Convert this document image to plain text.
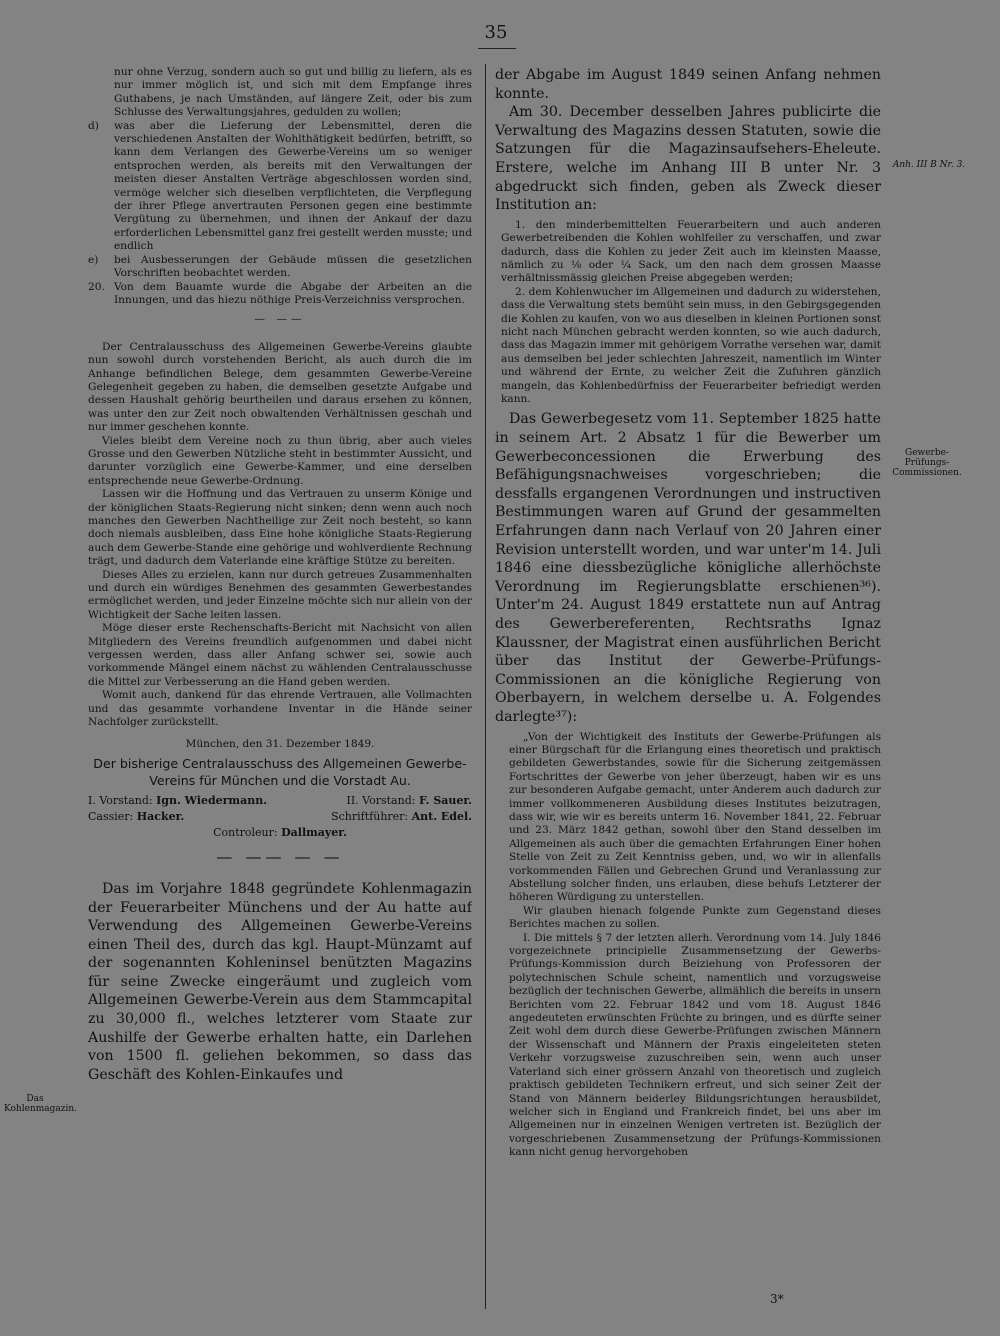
35

nur ohne Verzug, sondern auch so gut und billig zu liefern, als es nur immer möglich ist, und sich mit dem Empfange ihres Guthabens, je nach Umständen, auf längere Zeit, oder bis zum Schlusse des Verwaltungsjahres, gedulden zu wollen;

d)	was aber die Lieferung der Lebensmittel, deren die verschiedenen Anstalten der Wohlthätigkeit bedürfen, betrifft, so kann dem Verlangen des Gewerbe-Vereins um so weniger entsprochen werden, als bereits mit den Verwaltungen der meisten dieser Anstalten Verträge abgeschlossen worden sind, vermöge welcher sich dieselben verpflichteten, die Verpflegung der ihrer Pflege anvertrauten Personen gegen eine bestimmte Vergütung zu übernehmen, und ihnen der Ankauf der dazu erforderlichen Lebensmittel ganz frei gestellt werden musste; und endlich
e)	bei Ausbesserungen der Gebäude müssen die gesetzlichen Vorschriften beobachtet werden.
20. Von dem Bauamte wurde die Abgabe der Arbeiten an die Innungen, und das hiezu nöthige Preis-Verzeichniss versprochen.
— ——

Der Centralausschuss des Allgemeinen Gewerbe-Vereins glaubte nun sowohl durch vorstehenden Bericht, als auch durch die im Anhange befindlichen Belege, dem gesammten Gewerbe-Vereine Gelegenheit gegeben zu haben, die demselben gesetzte Aufgabe und dessen Haushalt gehörig beurtheilen und daraus ersehen zu können, was unter den zur Zeit noch obwaltenden Verhältnissen geschah und nur immer geschehen konnte.

Vieles bleibt dem Vereine noch zu thun übrig, aber auch vieles Grosse und den Gewerben Nützliche steht in bestimmter Aussicht, und darunter vorzüglich eine Gewerbe-Kammer, und eine derselben entsprechende neue Gewerbe-Ordnung.

Lassen wir die Hoffnung und das Vertrauen zu unserm Könige und der königlichen Staats-Regierung nicht sinken; denn wenn auch noch manches den Gewerben Nachtheilige zur Zeit noch besteht, so kann doch niemals ausbleiben, dass Eine hohe königliche Staats-Regierung auch dem Gewerbe-Stande eine gehörige und wohlverdiente Rechnung trägt, und dadurch dem Vaterlande eine kräftige Stütze zu bereiten.

Dieses Alles zu erzielen, kann nur durch getreues Zusammenhalten und durch ein würdiges Benehmen des gesammten Gewerbestandes ermöglichet werden, und jeder Einzelne möchte sich nur allein von der Wichtigkeit der Sache leiten lassen.

Möge dieser erste Rechenschafts-Bericht mit Nachsicht von allen Mitgliedern des Vereins freundlich aufgenommen und dabei nicht vergessen werden, dass aller Anfang schwer sei, sowie auch vorkommende Mängel einem nächst zu wählenden Centralausschusse die Mittel zur Verbesserung an die Hand geben werden.

Womit auch, dankend für das ehrende Vertrauen, alle Vollmachten und das gesammte vorhandene Inventar in die Hände seiner Nachfolger zurückstellt.

München, den 31. Dezember 1849.
Der bisherige Centralausschuss des Allgemeinen Gewerbe-Vereins für München und die Vorstadt Au.
I. Vorstand: Ign. Wiedermann.	II. Vorstand: F. Sauer.
Cassier: Hacker.	Schriftführer: Ant. Edel.
Controleur: Dallmayer.
— —— — —

Das im Vorjahre 1848 gegründete Kohlenmagazin der Feuerarbeiter Münchens und der Au hatte auf Verwendung des Allgemeinen Gewerbe-Vereins einen Theil des, durch das kgl. Haupt-Münzamt auf der sogenannten Kohleninsel benützten Magazins für seine Zwecke eingeräumt und zugleich vom Allgemeinen Gewerbe-Verein aus dem Stammcapital zu 30,000 fl., welches letzterer vom Staate zur Aushilfe der Gewerbe erhalten hatte, ein Darlehen von 1500 fl. geliehen bekommen, so dass das Geschäft des Kohlen-Einkaufes und

Das Kohlenmagazin.

der Abgabe im August 1849 seinen Anfang nehmen konnte.

Am 30. December desselben Jahres publicirte die Verwaltung des Magazins dessen Statuten, sowie die Satzungen für die Magazinsaufsehers-Eheleute. Erstere, welche im Anhang III B unter Nr. 3 abgedruckt sich finden, geben als Zweck dieser Institution an:

1. den minderbemittelten Feuerarbeitern und auch anderen Gewerbetreibenden die Kohlen wohlfeiler zu verschaffen, und zwar dadurch, dass die Kohlen zu jeder Zeit auch im kleinsten Maasse, nämlich zu ⅛ oder ¼ Sack, um den nach dem grossen Maasse verhältnissmässig gleichen Preise abgegeben werden;

2. dem Kohlenwucher im Allgemeinen und dadurch zu widerstehen, dass die Verwaltung stets bemüht sein muss, in den Gebirgsgegenden die Kohlen zu kaufen, von wo aus dieselben in kleinen Portionen sonst nicht nach München gebracht werden konnten, so wie auch dadurch, dass das Magazin immer mit gehörigem Vorrathe versehen war, damit aus demselben bei jeder schlechten Jahreszeit, namentlich im Winter und während der Ernte, zu welcher Zeit die Zufuhren gänzlich mangeln, das Kohlenbedürfniss der Feuerarbeiter befriedigt werden kann.

Das Gewerbegesetz vom 11. September 1825 hatte in seinem Art. 2 Absatz 1 für die Bewerber um Gewerbeconcessionen die Erwerbung des Befähigungsnachweises vorgeschrieben; die dessfalls ergangenen Verordnungen und instructiven Bestimmungen waren auf Grund der gesammelten Erfahrungen dann nach Verlauf von 20 Jahren einer Revision unterstellt worden, und war unter'm 14. Juli 1846 eine diessbezügliche königliche allerhöchste Verordnung im Regierungsblatte erschienen³⁶). Unter'm 24. August 1849 erstattete nun auf Antrag des Gewerbereferenten, Rechtsraths Ignaz Klaussner, der Magistrat einen ausführlichen Bericht über das Institut der Gewerbe-Prüfungs-Commissionen an die königliche Regierung von Oberbayern, in welchem derselbe u. A. Folgendes darlegte³⁷):

„Von der Wichtigkeit des Instituts der Gewerbe-Prüfungen als einer Bürgschaft für die Erlangung eines theoretisch und praktisch gebildeten Gewerbstandes, sowie für die Sicherung zeitgemässen Fortschrittes der Gewerbe von jeher überzeugt, haben wir es uns zur besonderen Aufgabe gemacht, unter Anderem auch dadurch zur immer vollkommeneren Ausbildung dieses Institutes beizutragen, dass wir, wie wir es bereits unterm 16. November 1841, 22. Februar und 23. März 1842 gethan, sowohl über den Stand desselben im Allgemeinen als auch über die gemachten Erfahrungen Einer hohen Stelle von Zeit zu Zeit Kenntniss geben, und, wo wir in allenfalls vorkommenden Fällen und Gebrechen Grund und Veranlassung zur Abstellung solcher finden, uns erlauben, diese behufs Letzterer der höheren Würdigung zu unterstellen.

Wir glauben hienach folgende Punkte zum Gegenstand dieses Berichtes machen zu sollen.

I. Die mittels § 7 der letzten allerh. Verordnung vom 14. July 1846 vorgezeichnete principielle Zusammensetzung der Gewerbs-Prüfungs-Kommission durch Beiziehung von Professoren der polytechnischen Schule scheint, namentlich und vorzugsweise bezüglich der technischen Gewerbe, allmählich die bereits in unsern Berichten vom 22. Februar 1842 und vom 18. August 1846 angedeuteten erwünschten Früchte zu bringen, und es dürfte seiner Zeit wohl dem durch diese Gewerbe-Prüfungen zwischen Männern der Wissenschaft und Männern der Praxis eingeleiteten steten Verkehr vorzugsweise zuzuschreiben sein, wenn auch unser Vaterland sich einer grössern Anzahl von theoretisch und zugleich praktisch gebildeten Technikern erfreut, und sich seiner Zeit der Stand von Männern beiderley Bildungsrichtungen herausbildet, welcher sich in England und Frankreich findet, bei uns aber im Allgemeinen nur in einzelnen Wenigen vertreten ist. Bezüglich der vorgeschriebenen Zusammensetzung der Prüfungs-Kommissionen kann nicht genug hervorgehoben

Anh. III B Nr. 3.
Gewerbe-Prüfungs-Commissionen.
3*
